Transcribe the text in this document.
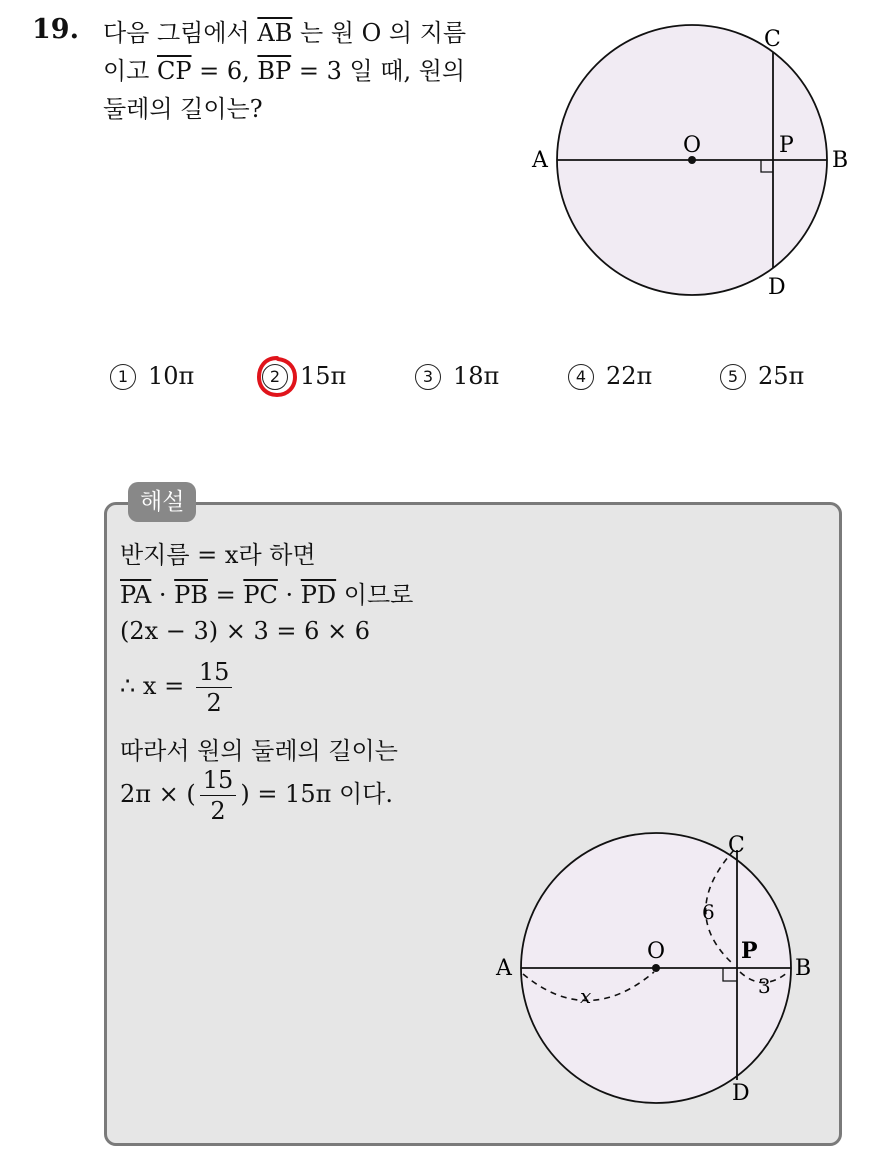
19. 다음 그림에서 $\overline{AB}$ 는 원 O 의 지름
이고 $\overline{CP} = 6$, $\overline{BP} = 3$ 일 때, 원의
둘레의 길이는?
A	B
C
D
O	P
1 10π	2 15π	3 18π	4 22π	5 25π
해설
반지름 = x라 하면
$\overline{PA} \cdot \overline{PB} = \overline{PC} \cdot \overline{PD}$ 이므로
(2x − 3) × 3 = 6 × 6
∴ $x = \frac{15}{2}$
따라서 원의 둘레의 길이는
2π × ( $\frac{15}{2}$ ) = 15π 이다.
A	B
C
D
O	P
6
3
x
